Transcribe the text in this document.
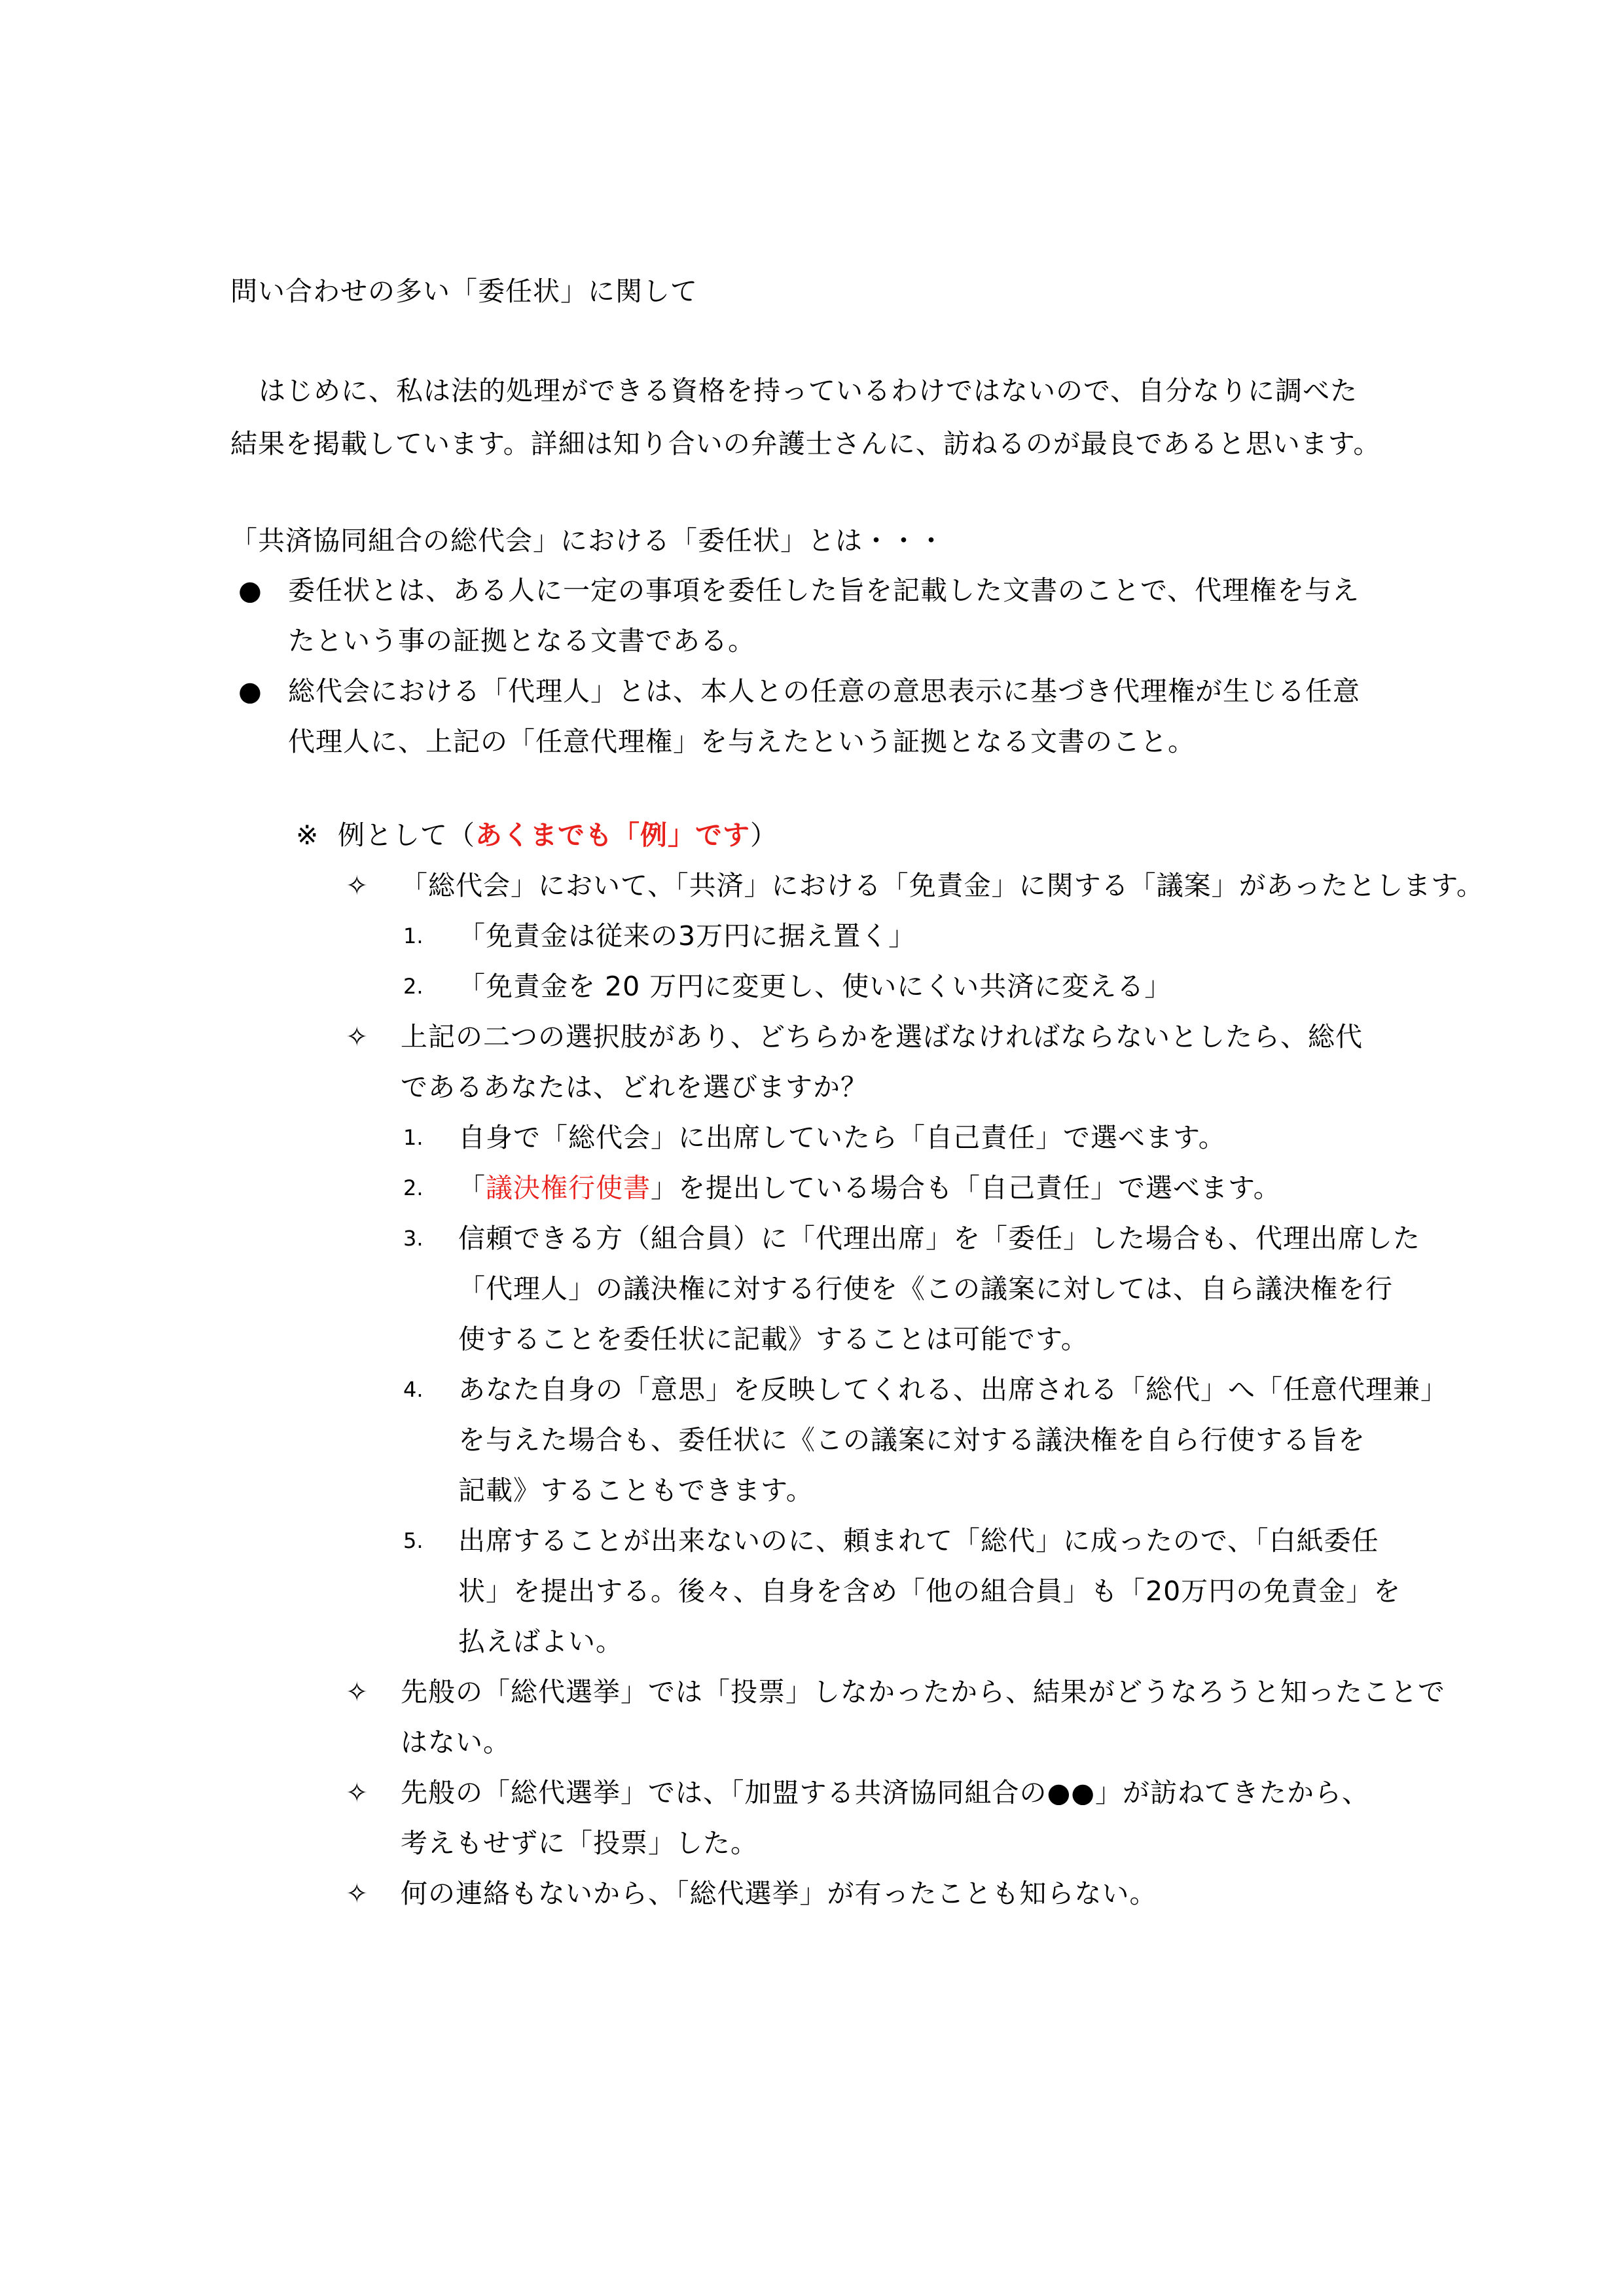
問い合わせの多い「委任状」に関して
はじめに、私は法的処理ができる資格を持っているわけではないので、自分なりに調べた
結果を掲載しています。詳細は知り合いの弁護士さんに、訪ねるのが最良であると思います。
「共済協同組合の総代会」における「委任状」とは・・・
● 委任状とは、ある人に一定の事項を委任した旨を記載した文書のことで、代理権を与え
たという事の証拠となる文書である。
● 総代会における「代理人」とは、本人との任意の意思表示に基づき代理権が生じる任意
代理人に、上記の「任意代理権」を与えたという証拠となる文書のこと。
※ 例として（あくまでも「例」です）
✧ 「総代会」において、「共済」における「免責金」に関する「議案」があったとします。
1. 「免責金は従来の3万円に据え置く」
2. 「免責金を 20 万円に変更し、使いにくい共済に変える」
✧ 上記の二つの選択肢があり、どちらかを選ばなければならないとしたら、総代
であるあなたは、どれを選びますか？
1. 自身で「総代会」に出席していたら「自己責任」で選べます。
2. 「議決権行使書」を提出している場合も「自己責任」で選べます。
3. 信頼できる方（組合員）に「代理出席」を「委任」した場合も、代理出席した
「代理人」の議決権に対する行使を《この議案に対しては、自ら議決権を行
使することを委任状に記載》することは可能です。
4. あなた自身の「意思」を反映してくれる、出席される「総代」へ「任意代理兼」
を与えた場合も、委任状に《この議案に対する議決権を自ら行使する旨を
記載》することもできます。
5. 出席することが出来ないのに、頼まれて「総代」に成ったので、「白紙委任
状」を提出する。後々、自身を含め「他の組合員」も「20万円の免責金」を
払えばよい。
✧ 先般の「総代選挙」では「投票」しなかったから、結果がどうなろうと知ったことで
はない。
✧ 先般の「総代選挙」では、「加盟する共済協同組合の●●」が訪ねてきたから、
考えもせずに「投票」した。
✧ 何の連絡もないから、「総代選挙」が有ったことも知らない。
